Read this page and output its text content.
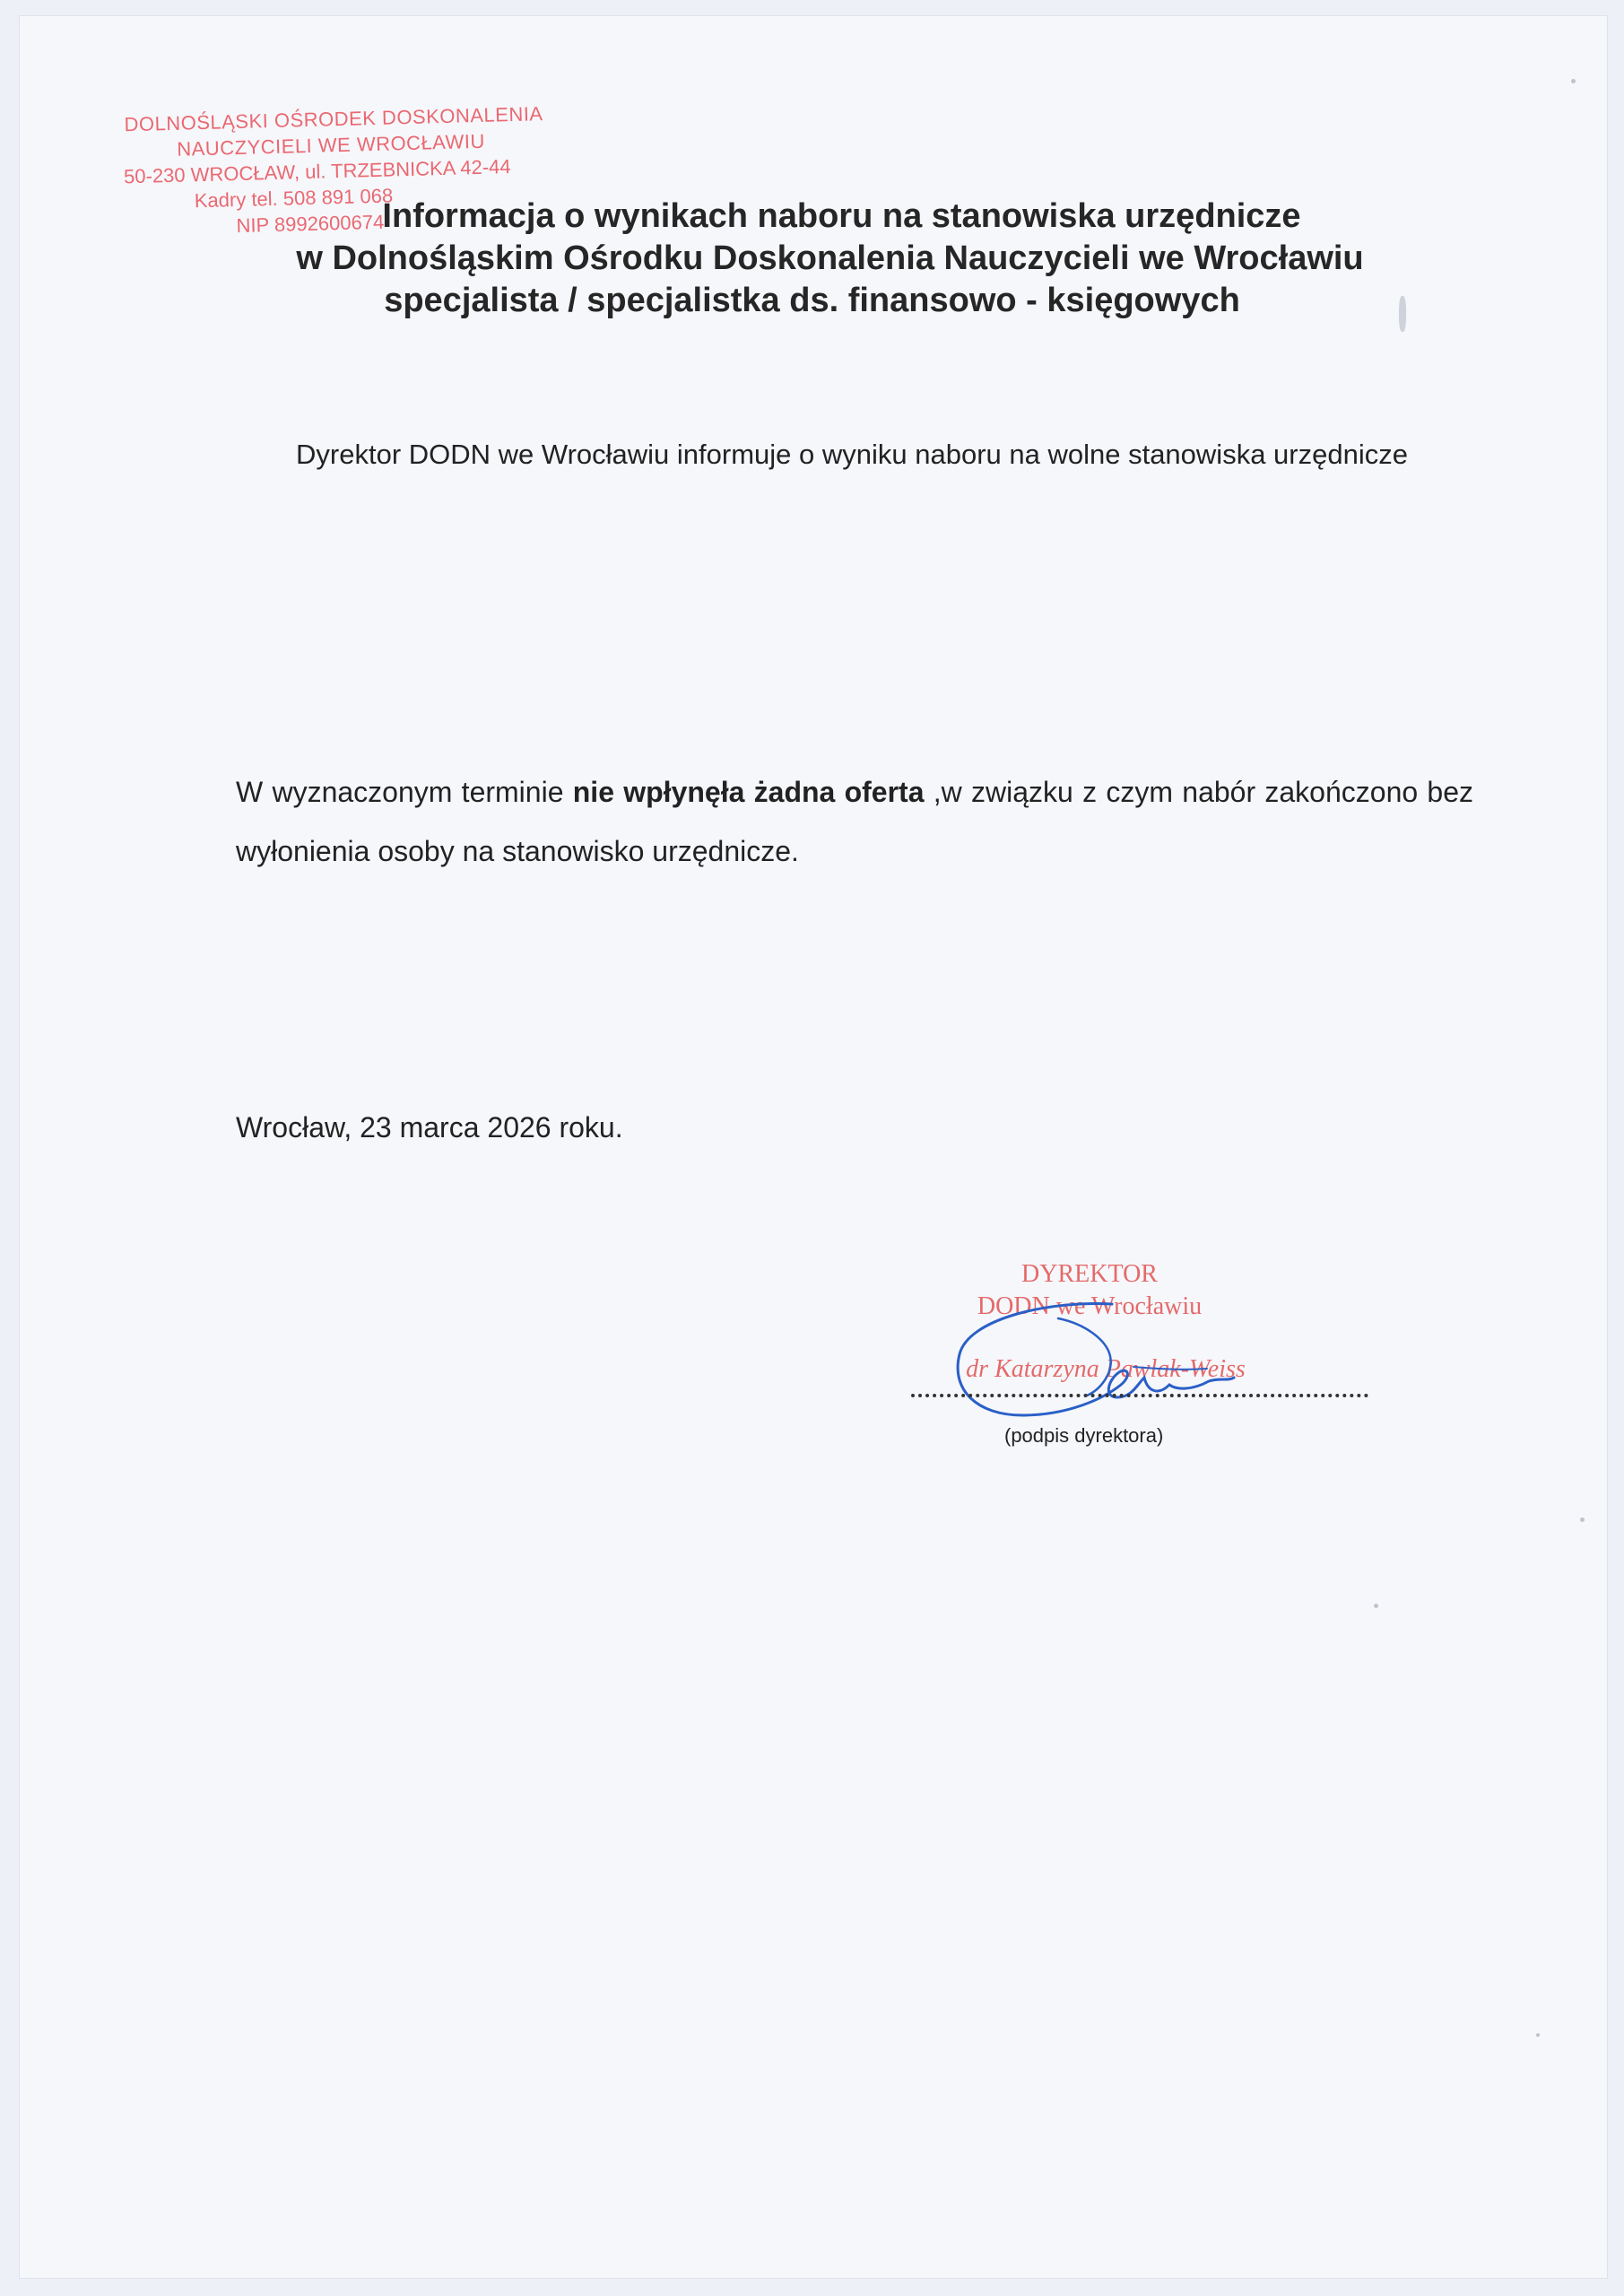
DOLNOŚLĄSKI OŚRODEK DOSKONALENIA
NAUCZYCIELI WE WROCŁAWIU
50-230 WROCŁAW, ul. TRZEBNICKA 42-44
Kadry tel. 508 891 068
NIP 8992600674
Informacja o wynikach naboru na stanowiska urzędnicze
w Dolnośląskim Ośrodku Doskonalenia Nauczycieli we Wrocławiu
specjalista / specjalistka ds. finansowo - księgowych
Dyrektor DODN we Wrocławiu informuje o wyniku naboru na wolne stanowiska urzędnicze
W wyznaczonym terminie nie wpłynęła żadna oferta ,w związku z czym nabór zakończono bez wyłonienia osoby na stanowisko urzędnicze.
Wrocław, 23 marca 2026 roku.
DYREKTOR
DODN we Wrocławiu
dr Katarzyna Pawlak-Weiss
(podpis dyrektora)
